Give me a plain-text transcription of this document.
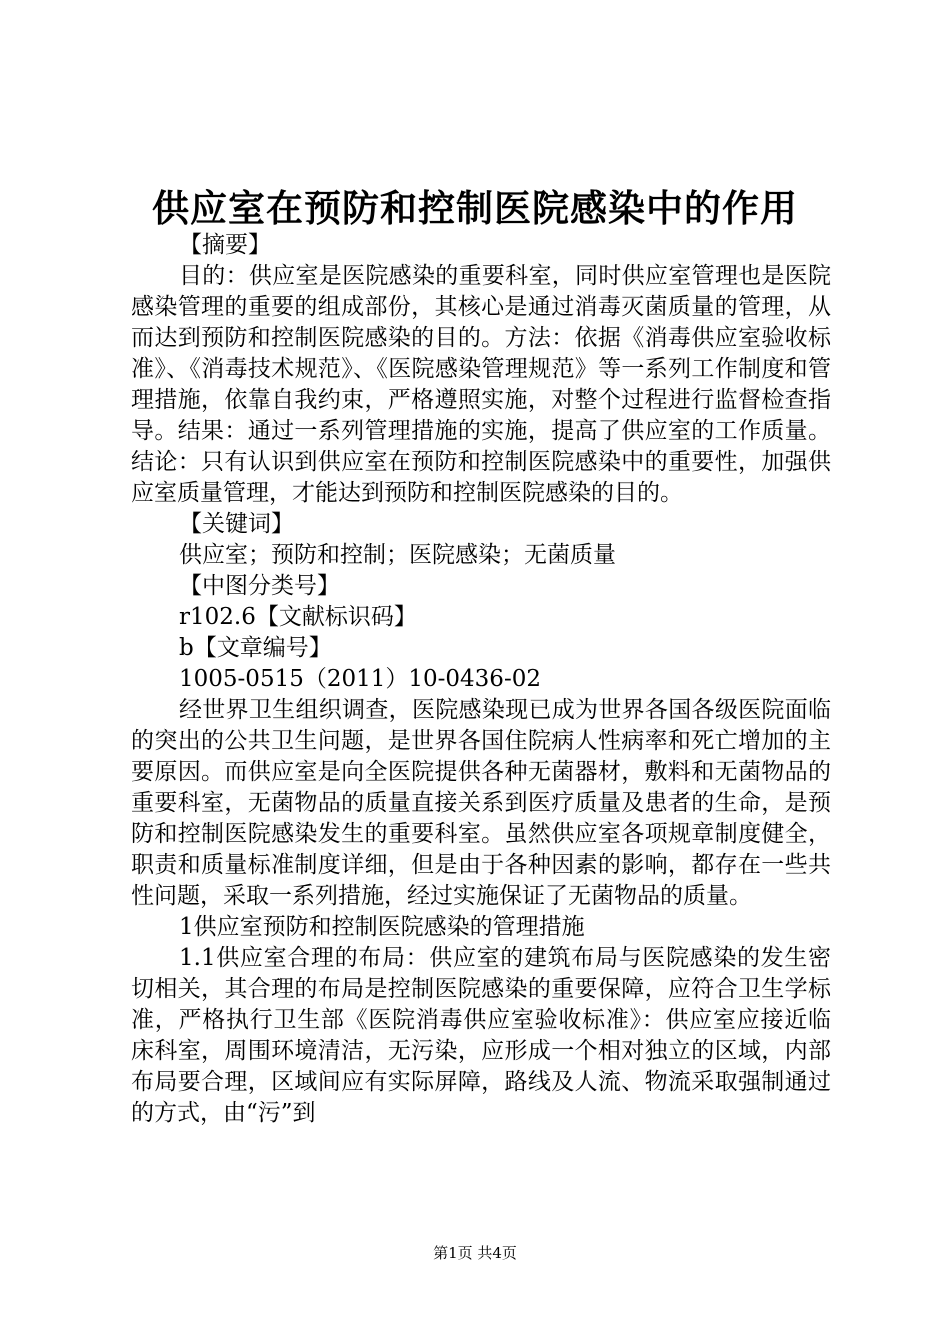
供应室在预防和控制医院感染中的作用

【摘要】

目的：供应室是医院感染的重要科室，同时供应室管理也是医院感染管理的重要的组成部份，其核心是通过消毒灭菌质量的管理，从而达到预防和控制医院感染的目的。方法：依据《消毒供应室验收标准》、《消毒技术规范》、《医院感染管理规范》等一系列工作制度和管理措施，依靠自我约束，严格遵照实施，对整个过程进行监督检查指导。结果：通过一系列管理措施的实施，提高了供应室的工作质量。结论：只有认识到供应室在预防和控制医院感染中的重要性，加强供应室质量管理，才能达到预防和控制医院感染的目的。

【关键词】

供应室；预防和控制；医院感染；无菌质量

【中图分类号】

r102.6【文献标识码】

b【文章编号】

1005-0515（2011）10-0436-02

经世界卫生组织调查，医院感染现已成为世界各国各级医院面临的突出的公共卫生问题，是世界各国住院病人性病率和死亡增加的主要原因。而供应室是向全医院提供各种无菌器材，敷料和无菌物品的重要科室，无菌物品的质量直接关系到医疗质量及患者的生命，是预防和控制医院感染发生的重要科室。虽然供应室各项规章制度健全，职责和质量标准制度详细，但是由于各种因素的影响，都存在一些共性问题，采取一系列措施，经过实施保证了无菌物品的质量。

1供应室预防和控制医院感染的管理措施

1.1供应室合理的布局：供应室的建筑布局与医院感染的发生密切相关，其合理的布局是控制医院感染的重要保障，应符合卫生学标准，严格执行卫生部《医院消毒供应室验收标准》：供应室应接近临床科室，周围环境清洁，无污染，应形成一个相对独立的区域，内部布局要合理，区域间应有实际屏障，路线及人流、物流采取强制通过的方式，由“污”到

第1页 共4页
